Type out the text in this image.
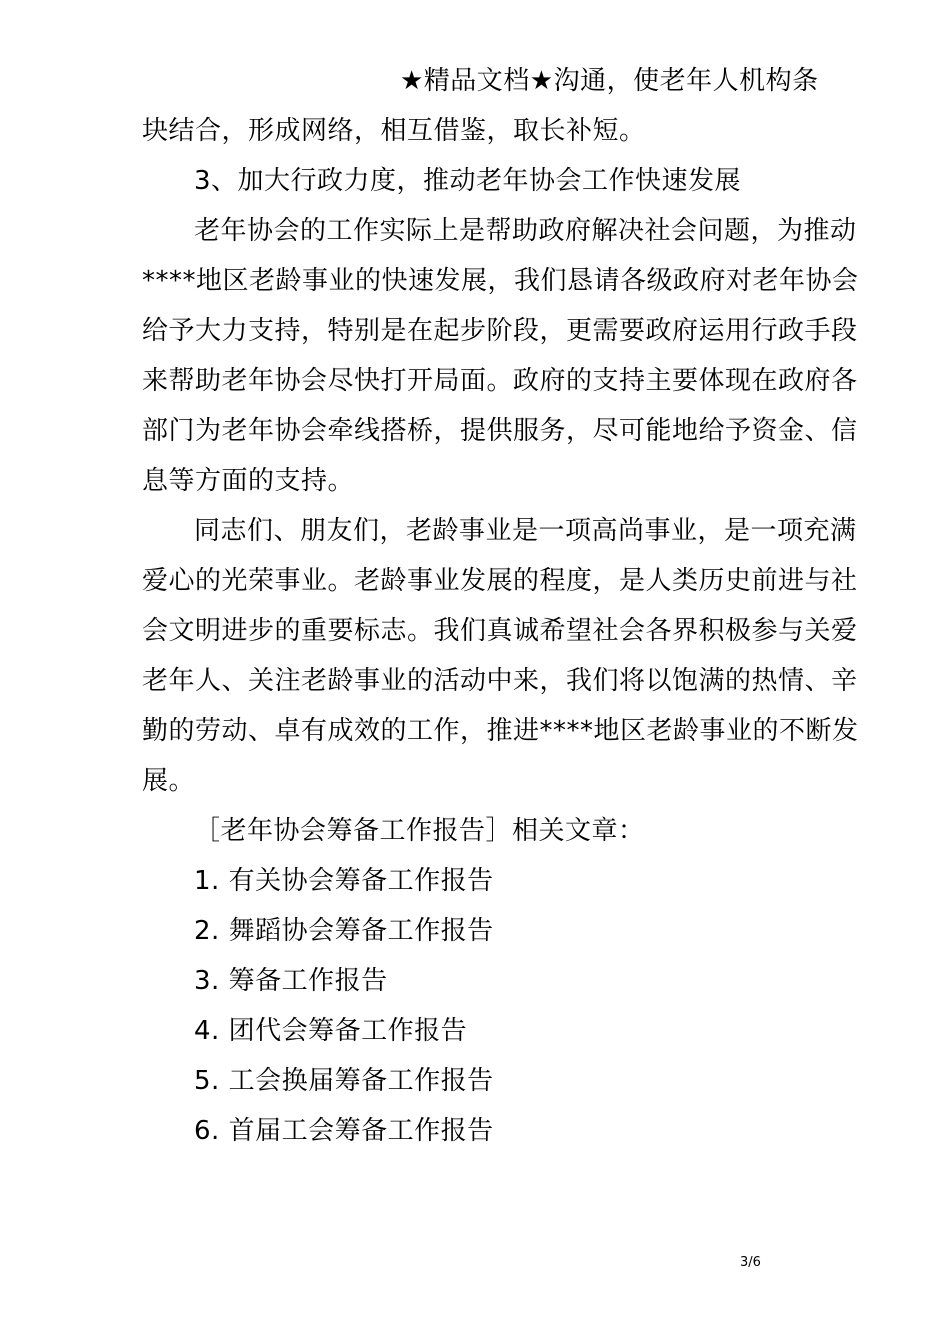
★精品文档★沟通，使老年人机构条
块结合，形成网络，相互借鉴，取长补短。
3、加大行政力度，推动老年协会工作快速发展
老年协会的工作实际上是帮助政府解决社会问题，为推动
****地区老龄事业的快速发展，我们恳请各级政府对老年协会
给予大力支持，特别是在起步阶段，更需要政府运用行政手段
来帮助老年协会尽快打开局面。政府的支持主要体现在政府各
部门为老年协会牵线搭桥，提供服务，尽可能地给予资金、信
息等方面的支持。
同志们、朋友们，老龄事业是一项高尚事业，是一项充满
爱心的光荣事业。老龄事业发展的程度，是人类历史前进与社
会文明进步的重要标志。我们真诚希望社会各界积极参与关爱
老年人、关注老龄事业的活动中来，我们将以饱满的热情、辛
勤的劳动、卓有成效的工作，推进****地区老龄事业的不断发
展。
［老年协会筹备工作报告］相关文章：
1. 有关协会筹备工作报告
2. 舞蹈协会筹备工作报告
3. 筹备工作报告
4. 团代会筹备工作报告
5. 工会换届筹备工作报告
6. 首届工会筹备工作报告
3/6
